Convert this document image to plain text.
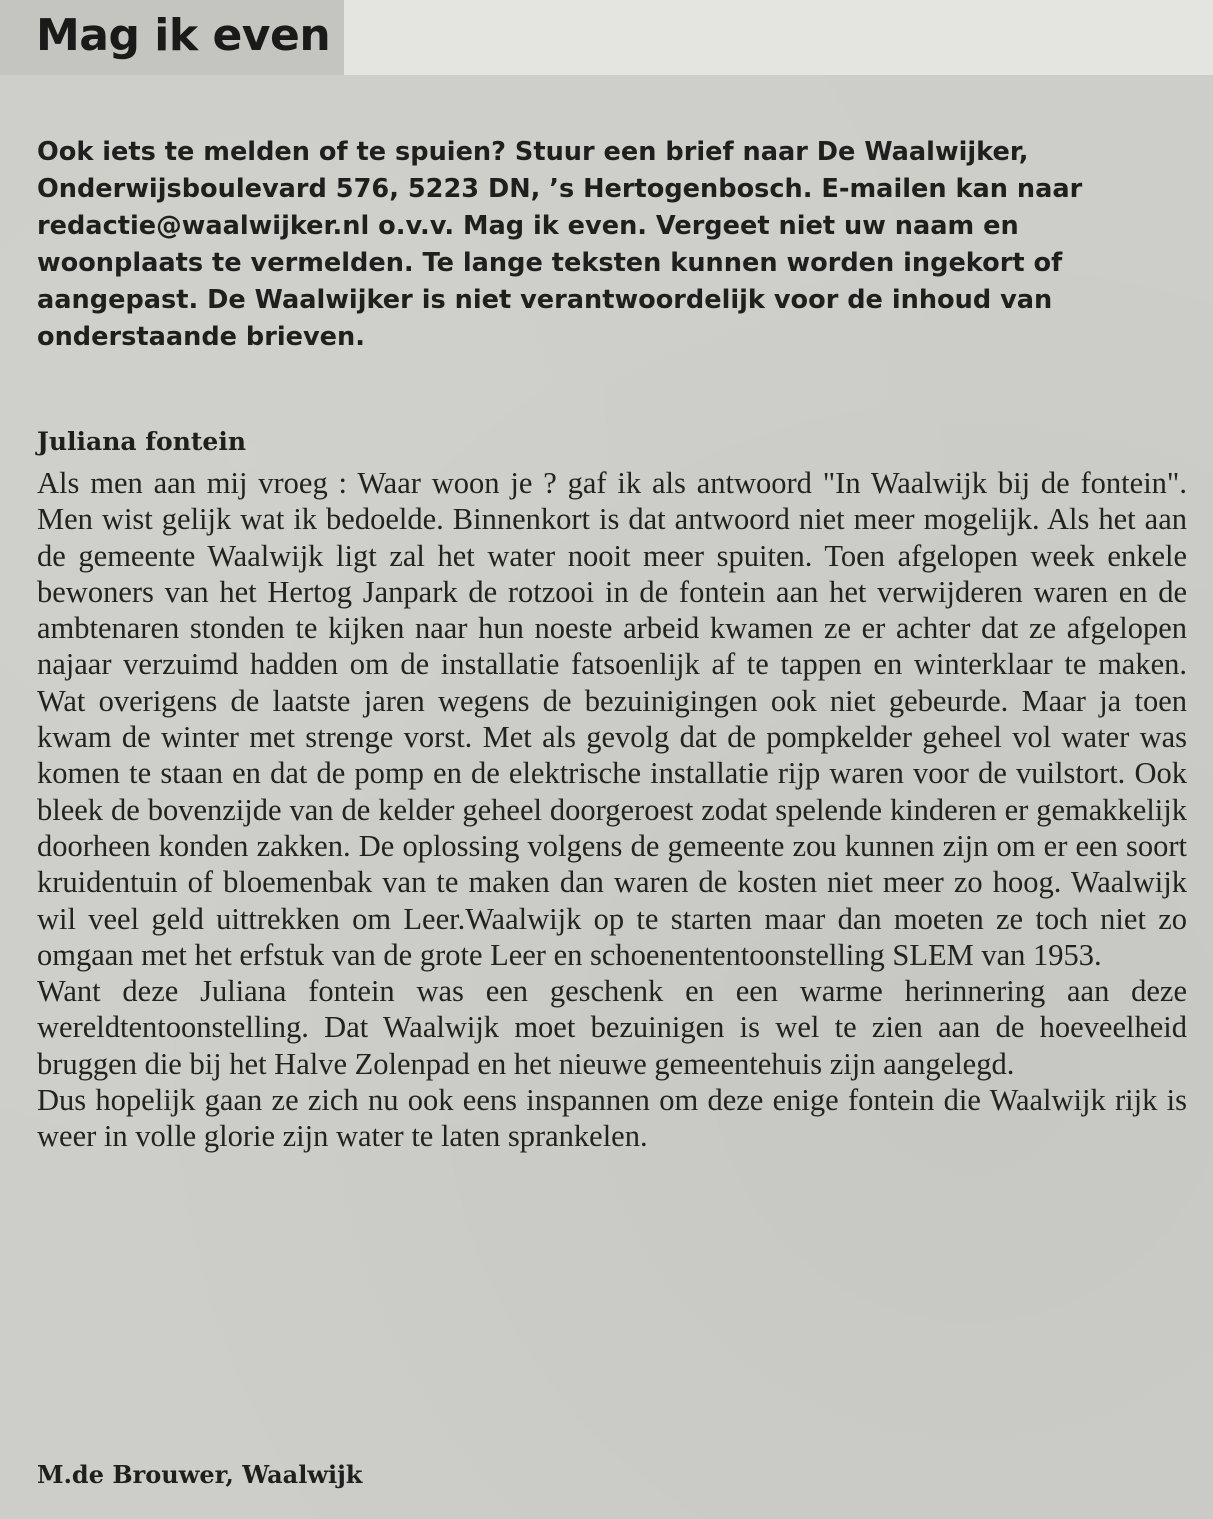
Mag ik even

Ook iets te melden of te spuien? Stuur een brief naar De Waalwijker, Onderwijsboulevard 576, 5223 DN, ’s Hertogenbosch. E-mailen kan naar redactie@waalwijker.nl o.v.v. Mag ik even. Vergeet niet uw naam en woonplaats te vermelden. Te lange teksten kunnen worden ingekort of aangepast. De Waalwijker is niet verantwoordelijk voor de inhoud van onderstaande brieven.

Juliana fontein

Als men aan mij vroeg : Waar woon je ? gaf ik als antwoord "In Waalwijk bij de fontein". Men wist gelijk wat ik bedoelde. Binnenkort is dat antwoord niet meer mogelijk. Als het aan de gemeente Waalwijk ligt zal het water nooit meer spuiten. Toen afgelopen week enkele bewoners van het Hertog Janpark de rotzooi in de fontein aan het verwijderen waren en de ambtenaren stonden te kijken naar hun noeste arbeid kwamen ze er achter dat ze afgelopen najaar verzuimd hadden om de installatie fatsoenlijk af te tappen en winterklaar te maken. Wat overigens de laatste jaren wegens de bezuinigingen ook niet gebeurde. Maar ja toen kwam de winter met strenge vorst. Met als gevolg dat de pompkelder geheel vol water was komen te staan en dat de pomp en de elektrische installatie rijp waren voor de vuilstort. Ook bleek de bovenzijde van de kelder geheel doorgeroest zodat spelende kinderen er gemakkelijk doorheen konden zakken. De oplossing volgens de gemeente zou kunnen zijn om er een soort kruidentuin of bloemenbak van te maken dan waren de kosten niet meer zo hoog. Waalwijk wil veel geld uittrekken om Leer.Waalwijk op te starten maar dan moeten ze toch niet zo omgaan met het erfstuk van de grote Leer en schoenententoonstelling SLEM van 1953.

Want deze Juliana fontein was een geschenk en een warme herinnering aan deze wereldtentoonstelling. Dat Waalwijk moet bezuinigen is wel te zien aan de hoeveelheid bruggen die bij het Halve Zolenpad en het nieuwe gemeentehuis zijn aangelegd.

Dus hopelijk gaan ze zich nu ook eens inspannen om deze enige fontein die Waalwijk rijk is weer in volle glorie zijn water te laten sprankelen.

M.de Brouwer, Waalwijk
